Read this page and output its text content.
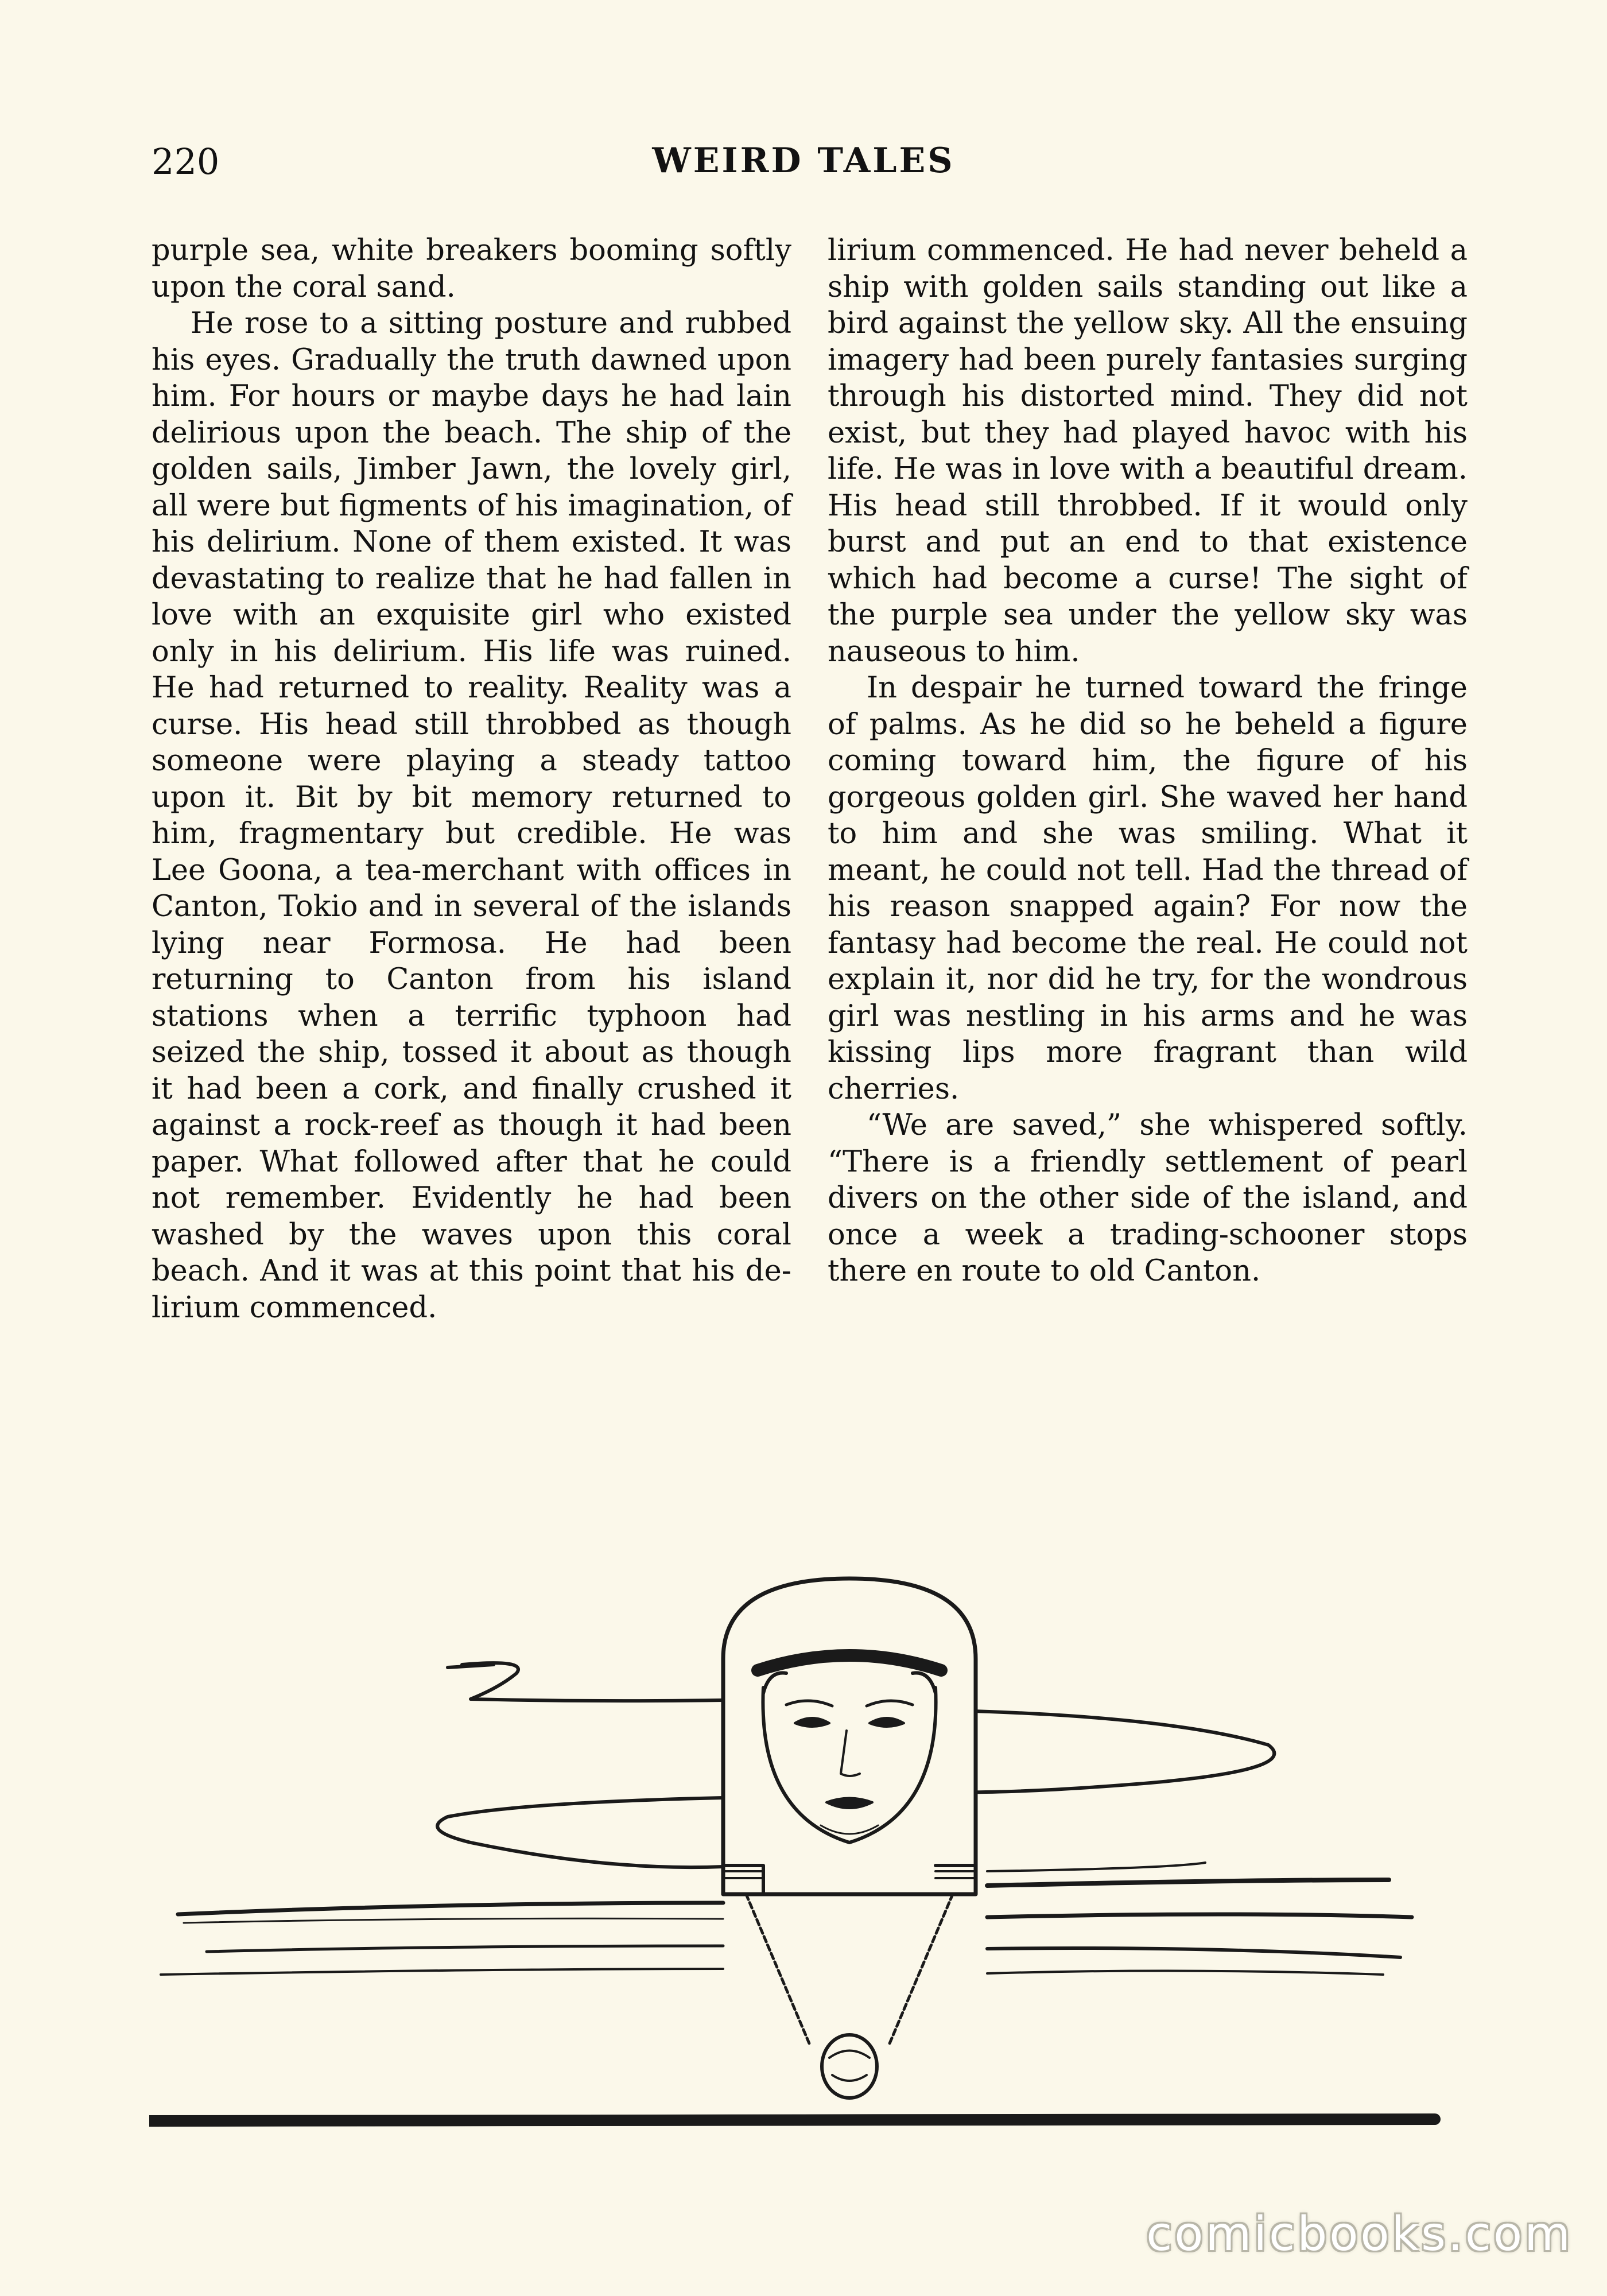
220	WEIRD TALES

purple sea, white breakers booming softly upon the coral sand.

He rose to a sitting posture and rubbed his eyes. Gradually the truth dawned upon him. For hours or maybe days he had lain delirious upon the beach. The ship of the golden sails, Jimber Jawn, the lovely girl, all were but figments of his imagination, of his delirium. None of them existed. It was devastating to realize that he had fallen in love with an exquisite girl who existed only in his delirium. His life was ruined. He had returned to reality. Reality was a curse. His head still throbbed as though someone were playing a steady tattoo upon it. Bit by bit memory returned to him, fragmentary but credible. He was Lee Goona, a tea-merchant with offices in Canton, Tokio and in several of the islands lying near Formosa. He had been returning to Canton from his island stations when a terrific typhoon had seized the ship, tossed it about as though it had been a cork, and finally crushed it against a rock-reef as though it had been paper. What followed after that he could not remember. Evidently he had been washed by the waves upon this coral beach. And it was at this point that his delirium commenced.

lirium commenced. He had never beheld a ship with golden sails standing out like a bird against the yellow sky. All the ensuing imagery had been purely fantasies surging through his distorted mind. They did not exist, but they had played havoc with his life. He was in love with a beautiful dream. His head still throbbed. If it would only burst and put an end to that existence which had become a curse! The sight of the purple sea under the yellow sky was nauseous to him.

In despair he turned toward the fringe of palms. As he did so he beheld a figure coming toward him, the figure of his gorgeous golden girl. She waved her hand to him and she was smiling. What it meant, he could not tell. Had the thread of his reason snapped again? For now the fantasy had become the real. He could not explain it, nor did he try, for the wondrous girl was nestling in his arms and he was kissing lips more fragrant than wild cherries.

“We are saved,” she whispered softly. “There is a friendly settlement of pearl divers on the other side of the island, and once a week a trading-schooner stops there en route to old Canton.

comicbooks.com
